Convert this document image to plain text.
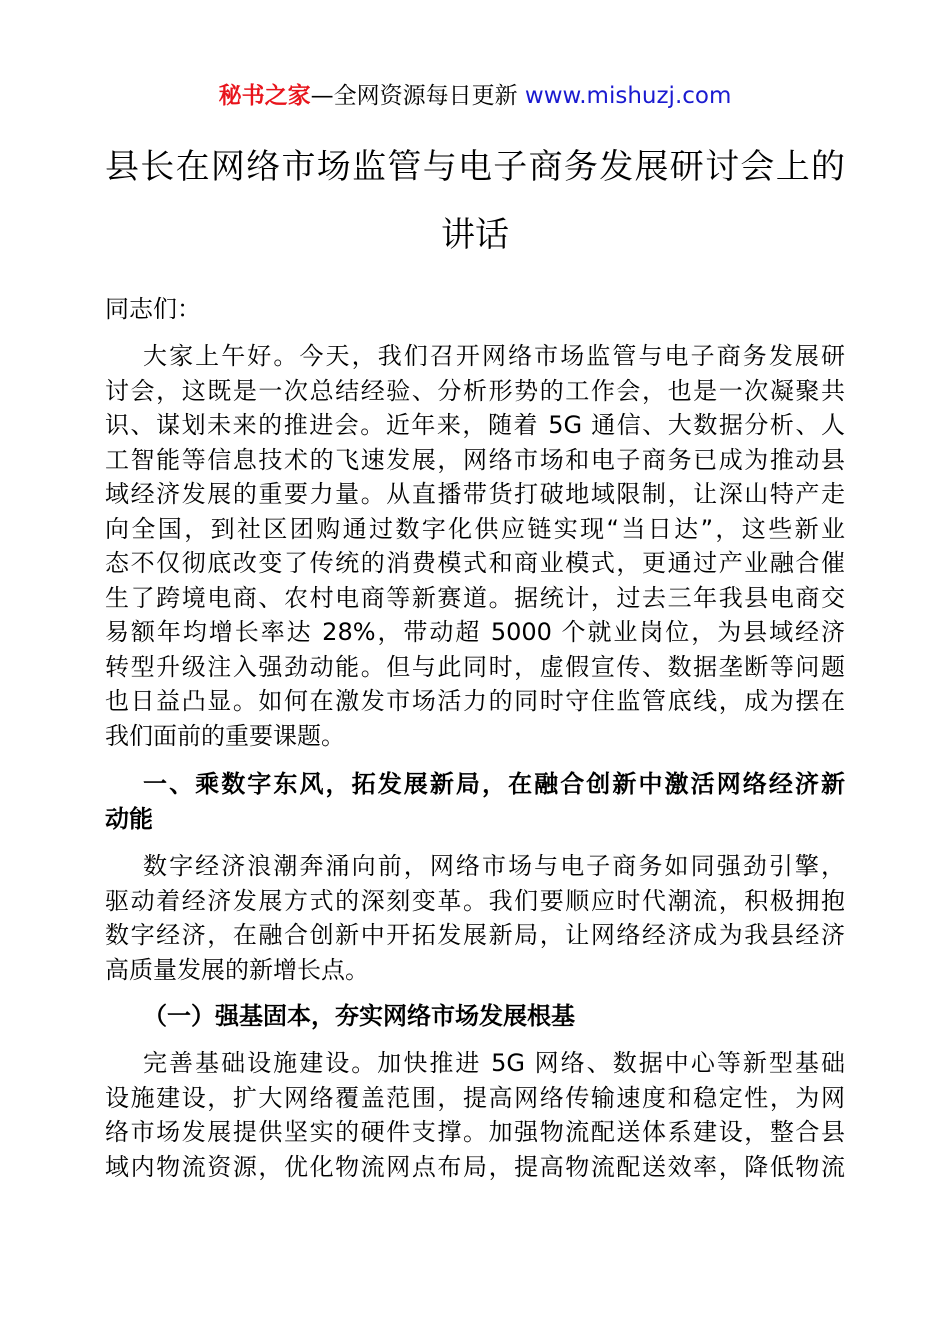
秘书之家—全网资源每日更新 www.mishuzj.com
县长在网络市场监管与电子商务发展研讨会上的
讲话
同志们：
大家上午好。今天，我们召开网络市场监管与电子商务发展研
讨会，这既是一次总结经验、分析形势的工作会，也是一次凝聚共
识、谋划未来的推进会。近年来，随着 5G 通信、大数据分析、人
工智能等信息技术的飞速发展，网络市场和电子商务已成为推动县
域经济发展的重要力量。从直播带货打破地域限制，让深山特产走
向全国，到社区团购通过数字化供应链实现“当日达”，这些新业
态不仅彻底改变了传统的消费模式和商业模式，更通过产业融合催
生了跨境电商、农村电商等新赛道。据统计，过去三年我县电商交
易额年均增长率达 28%，带动超 5000 个就业岗位，为县域经济
转型升级注入强劲动能。但与此同时，虚假宣传、数据垄断等问题
也日益凸显。如何在激发市场活力的同时守住监管底线，成为摆在
我们面前的重要课题。
一、乘数字东风，拓发展新局，在融合创新中激活网络经济新
动能
数字经济浪潮奔涌向前，网络市场与电子商务如同强劲引擎，
驱动着经济发展方式的深刻变革。我们要顺应时代潮流，积极拥抱
数字经济，在融合创新中开拓发展新局，让网络经济成为我县经济
高质量发展的新增长点。
（一）强基固本，夯实网络市场发展根基
完善基础设施建设。加快推进 5G 网络、数据中心等新型基础
设施建设，扩大网络覆盖范围，提高网络传输速度和稳定性，为网
络市场发展提供坚实的硬件支撑。加强物流配送体系建设，整合县
域内物流资源，优化物流网点布局，提高物流配送效率，降低物流
